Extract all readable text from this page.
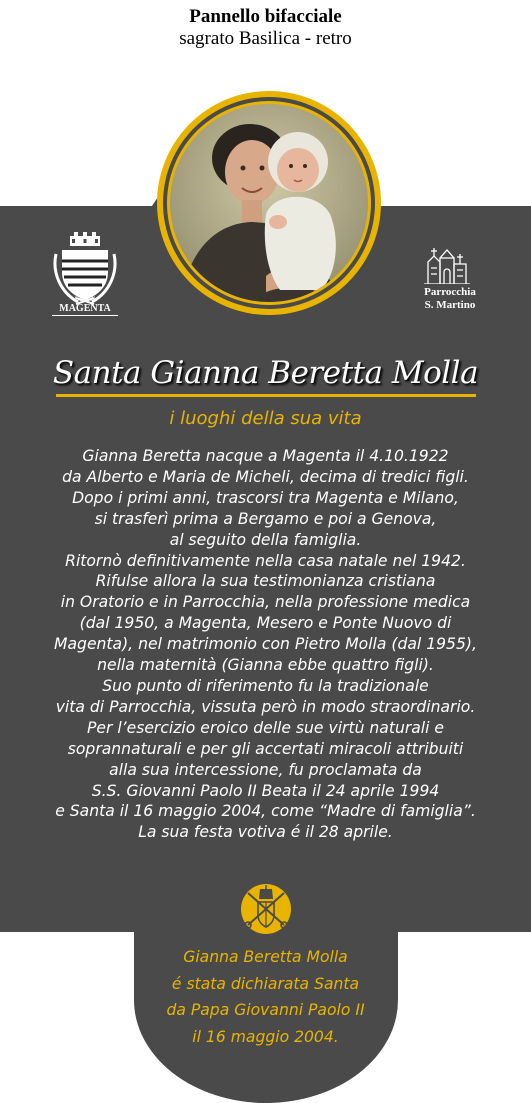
Pannello bifacciale
sagrato Basilica - retro
Città di
MAGENTA
Parrocchia
S. Martino
Santa Gianna Beretta Molla
i luoghi della sua vita
Gianna Beretta nacque a Magenta il 4.10.1922
da Alberto e Maria de Micheli, decima di tredici figli.
Dopo i primi anni, trascorsi tra Magenta e Milano,
si trasferì prima a Bergamo e poi a Genova,
al seguito della famiglia.
Ritornò definitivamente nella casa natale nel 1942.
Rifulse allora la sua testimonianza cristiana
in Oratorio e in Parrocchia, nella professione medica
(dal 1950, a Magenta, Mesero e Ponte Nuovo di
Magenta), nel matrimonio con Pietro Molla (dal 1955),
nella maternità (Gianna ebbe quattro figli).
Suo punto di riferimento fu la tradizionale
vita di Parrocchia, vissuta però in modo straordinario.
Per l’esercizio eroico delle sue virtù naturali e
soprannaturali e per gli accertati miracoli attribuiti
alla sua intercessione, fu proclamata da
S.S. Giovanni Paolo II Beata il 24 aprile 1994
e Santa il 16 maggio 2004, come “Madre di famiglia”.
La sua festa votiva é il 28 aprile.
Gianna Beretta Molla
é stata dichiarata Santa
da Papa Giovanni Paolo II
il 16 maggio 2004.
